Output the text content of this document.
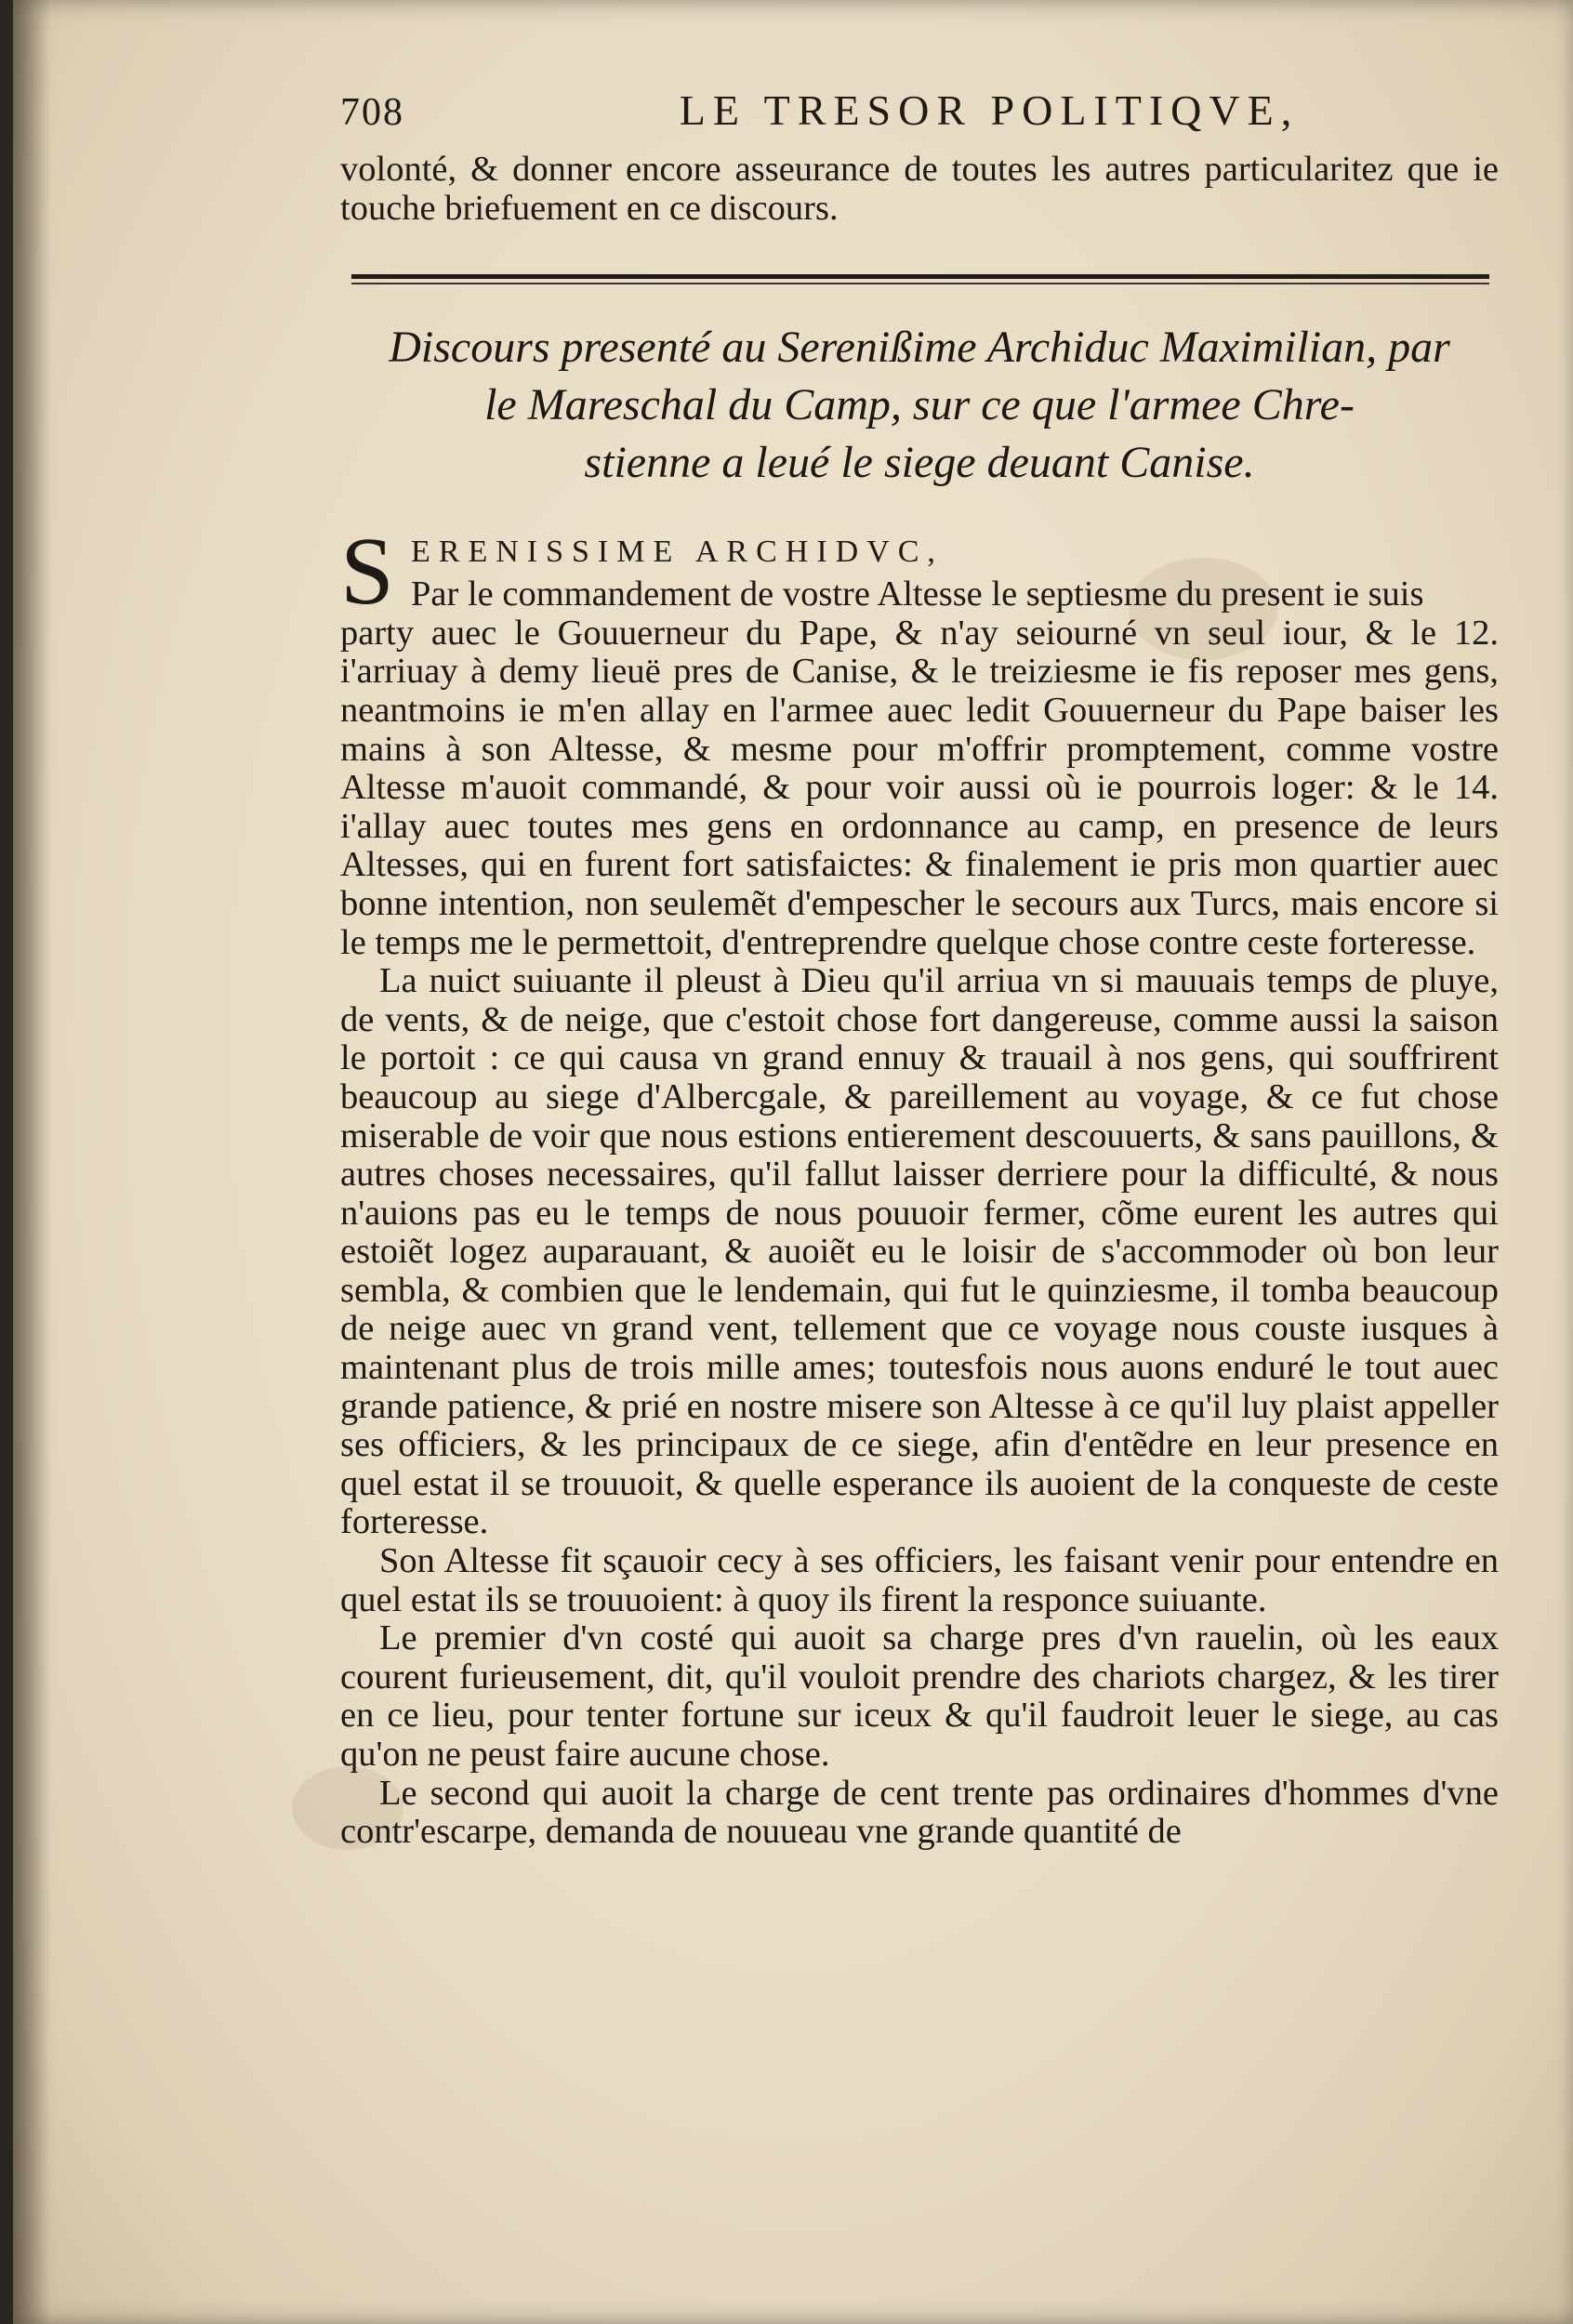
708	LE TRESOR POLITIQVE,

volonté, & donner encore asseurance de toutes les autres particularitez que ie touche briefuement en ce discours.

Discours presenté au Serenißime Archiduc Maximilian, par
le Mareschal du Camp, sur ce que l'armee Chre-
stienne a leué le siege deuant Canise.
S ERENISSIME ARCHIDVC,

Par le commandement de vostre Altesse le septiesme du present ie suis

party auec le Gouuerneur du Pape, & n'ay seiourné vn seul iour, & le 12. i'arriuay à demy lieuë pres de Canise, & le treiziesme ie fis reposer mes gens, neantmoins ie m'en allay en l'armee auec ledit Gouuerneur du Pape baiser les mains à son Altesse, & mesme pour m'offrir promptement, comme vostre Altesse m'auoit commandé, & pour voir aussi où ie pourrois loger: & le 14. i'allay auec toutes mes gens en ordonnance au camp, en presence de leurs Altesses, qui en furent fort satisfaictes: & finalement ie pris mon quartier auec bonne intention, non seulemẽt d'empescher le secours aux Turcs, mais encore si le temps me le permettoit, d'entreprendre quelque chose contre ceste forteresse.

La nuict suiuante il pleust à Dieu qu'il arriua vn si mauuais temps de pluye, de vents, & de neige, que c'estoit chose fort dangereuse, comme aussi la saison le portoit : ce qui causa vn grand ennuy & trauail à nos gens, qui souffrirent beaucoup au siege d'Albercgale, & pareillement au voyage, & ce fut chose miserable de voir que nous estions entierement descouuerts, & sans pauillons, & autres choses necessaires, qu'il fallut laisser derriere pour la difficulté, & nous n'auions pas eu le temps de nous pouuoir fermer, cõme eurent les autres qui estoiẽt logez auparauant, & auoiẽt eu le loisir de s'accommoder où bon leur sembla, & combien que le lendemain, qui fut le quinziesme, il tomba beaucoup de neige auec vn grand vent, tellement que ce voyage nous couste iusques à maintenant plus de trois mille ames; toutesfois nous auons enduré le tout auec grande patience, & prié en nostre misere son Altesse à ce qu'il luy plaist appeller ses officiers, & les principaux de ce siege, afin d'entẽdre en leur presence en quel estat il se trouuoit, & quelle esperance ils auoient de la conqueste de ceste forteresse.

Son Altesse fit sçauoir cecy à ses officiers, les faisant venir pour entendre en quel estat ils se trouuoient: à quoy ils firent la responce suiuante.

Le premier d'vn costé qui auoit sa charge pres d'vn rauelin, où les eaux courent furieusement, dit, qu'il vouloit prendre des chariots chargez, & les tirer en ce lieu, pour tenter fortune sur iceux & qu'il faudroit leuer le siege, au cas qu'on ne peust faire aucune chose.

Le second qui auoit la charge de cent trente pas ordinaires d'hommes d'vne contr'escarpe, demanda de nouueau vne grande quantité de
